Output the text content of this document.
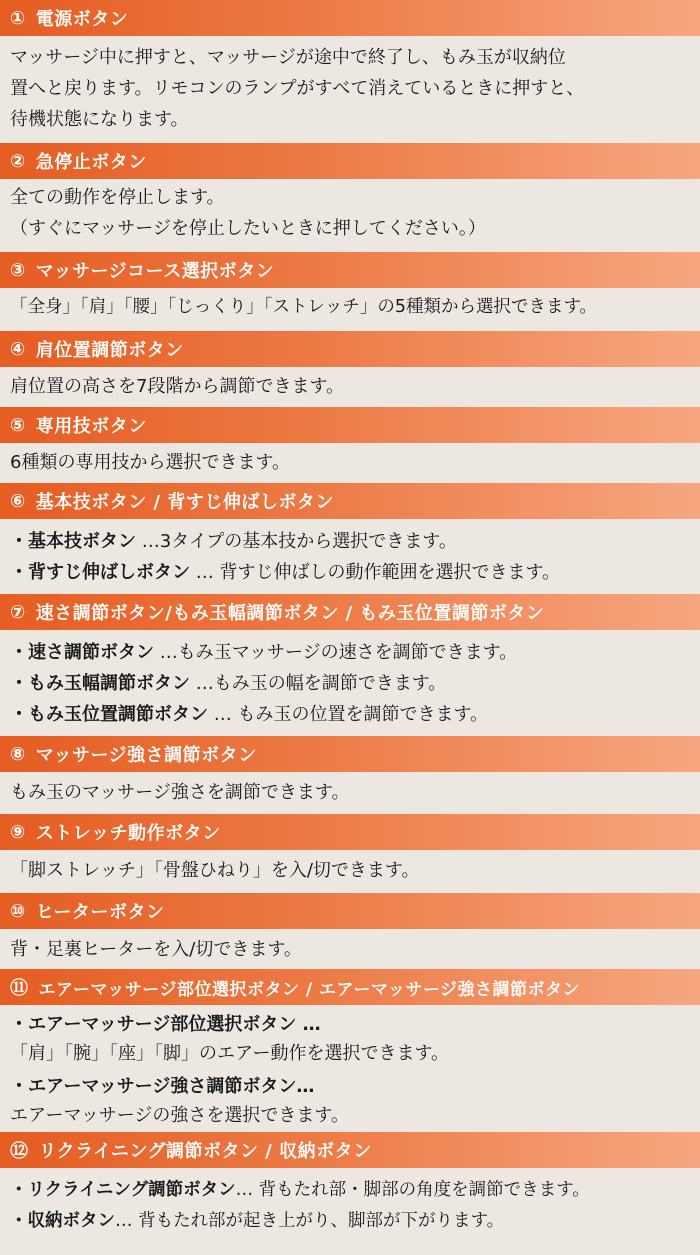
① 電源ボタン
マッサージ中に押すと、マッサージが途中で終了し、もみ玉が収納位
置へと戻ります。リモコンのランプがすべて消えているときに押すと、
待機状態になります。
② 急停止ボタン
全ての動作を停止します。
（すぐにマッサージを停止したいときに押してください。）
③ マッサージコース選択ボタン
「全身」「肩」「腰」「じっくり」「ストレッチ」の5種類から選択できます。
④ 肩位置調節ボタン
肩位置の高さを7段階から調節できます。
⑤ 専用技ボタン
6種類の専用技から選択できます。
⑥ 基本技ボタン / 背すじ伸ばしボタン
・基本技ボタン …3タイプの基本技から選択できます。
・背すじ伸ばしボタン … 背すじ伸ばしの動作範囲を選択できます。
⑦ 速さ調節ボタン/もみ玉幅調節ボタン / もみ玉位置調節ボタン
・速さ調節ボタン …もみ玉マッサージの速さを調節できます。
・もみ玉幅調節ボタン …もみ玉の幅を調節できます。
・もみ玉位置調節ボタン … もみ玉の位置を調節できます。
⑧ マッサージ強さ調節ボタン
もみ玉のマッサージ強さを調節できます。
⑨ ストレッチ動作ボタン
「脚ストレッチ」「骨盤ひねり」を入/切できます。
⑩ ヒーターボタン
背・足裏ヒーターを入/切できます。
⑪ エアーマッサージ部位選択ボタン / エアーマッサージ強さ調節ボタン
・エアーマッサージ部位選択ボタン …
「肩」「腕」「座」「脚」のエアー動作を選択できます。
・エアーマッサージ強さ調節ボタン…
エアーマッサージの強さを選択できます。
⑫ リクライニング調節ボタン / 収納ボタン
・リクライニング調節ボタン… 背もたれ部・脚部の角度を調節できます。
・収納ボタン… 背もたれ部が起き上がり、脚部が下がります。
